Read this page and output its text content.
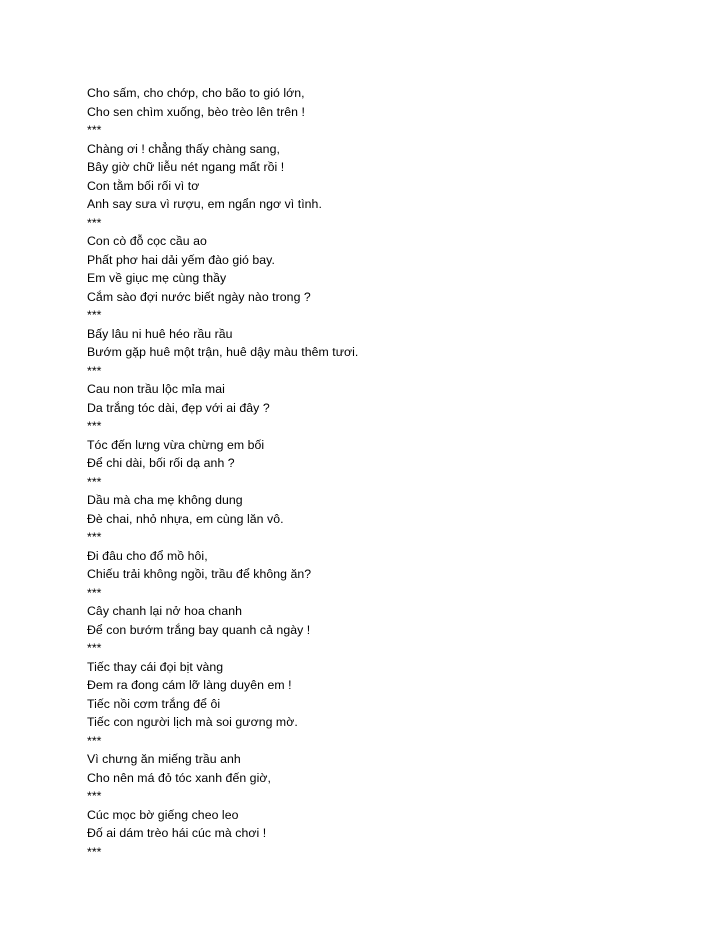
Cho sấm, cho chớp, cho bão to gió lớn,
Cho sen chìm xuống, bèo trèo lên trên !
***
Chàng ơi ! chẳng thấy chàng sang,
Bây giờ chữ liễu nét ngang mất rồi !
Con tằm bối rối vì tơ
Anh say sưa vì rượu, em ngẩn ngơ vì tình.
***
Con cò đỗ cọc cầu ao
Phất phơ hai dải yếm đào gió bay.
Em về giục mẹ cùng thầy
Cắm sào đợi nước biết ngày nào trong ?
***
Bấy lâu ni huê héo rầu rầu
Bướm gặp huê một trận, huê dậy màu thêm tươi.
***
Cau non trầu lộc mỉa mai
Da trắng tóc dài, đẹp với ai đây ?
***
Tóc đến lưng vừa chừng em bối
Để chi dài, bối rối dạ anh ?
***
Dầu mà cha mẹ không dung
Đè chai, nhỏ nhựa, em cùng lăn vô.
***
Đi đâu cho đổ mồ hôi,
Chiếu trải không ngồi, trầu để không ăn?
***
Cây chanh lại nở hoa chanh
Để con bướm trắng bay quanh cả ngày !
***
Tiếc thay cái đọi bịt vàng
Đem ra đong cám lỡ làng duyên em !
Tiếc nồi cơm trắng để ôi
Tiếc con người lịch mà soi gương mờ.
***
Vì chưng ăn miếng trầu anh
Cho nên má đỏ tóc xanh đến giờ,
***
Cúc mọc bờ giếng cheo leo
Đố ai dám trèo hái cúc mà chơi !
***
